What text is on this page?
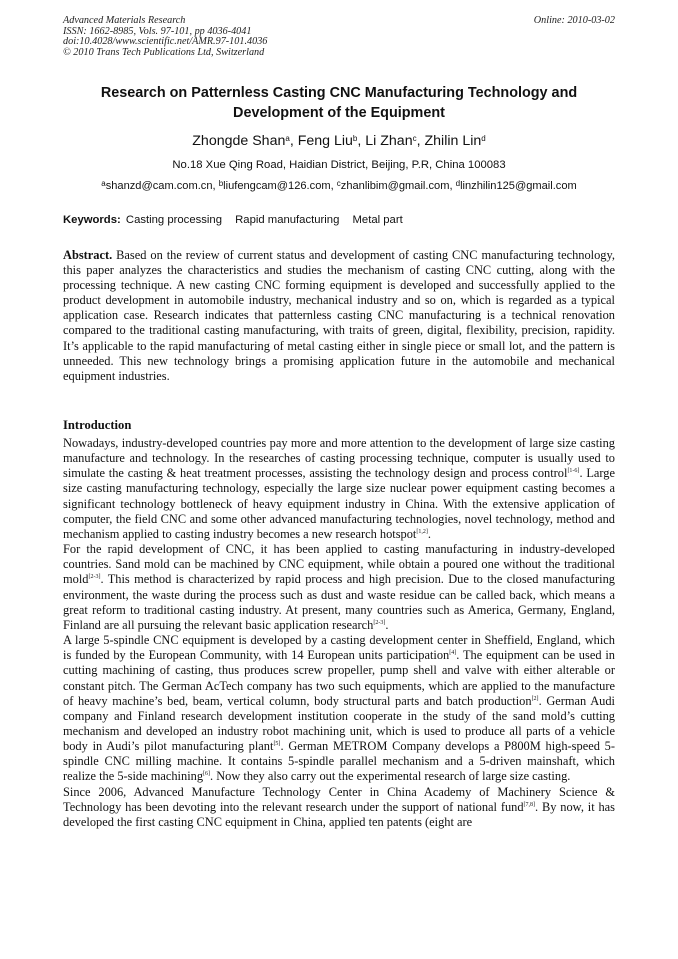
Advanced Materials Research
ISSN: 1662-8985, Vols. 97-101, pp 4036-4041
doi:10.4028/www.scientific.net/AMR.97-101.4036
© 2010 Trans Tech Publications Ltd, Switzerland
Online: 2010-03-02
Research on Patternless Casting CNC Manufacturing Technology and
Development of the Equipment
Zhongde Shan$^a$, Feng Liu$^b$, Li Zhan$^c$, Zhilin Lin$^d$
No.18 Xue Qing Road, Haidian District, Beijing, P.R, China 100083
$^a$shanzd@cam.com.cn, $^b$liufengcam@126.com, $^c$zhanlibim@gmail.com, $^d$linzhilin125@gmail.com
Keywords: Casting processing Rapid manufacturing Metal part
Abstract. Based on the review of current status and development of casting CNC manufacturing technology, this paper analyzes the characteristics and studies the mechanism of casting CNC cutting, along with the processing technique. A new casting CNC forming equipment is developed and successfully applied to the product development in automobile industry, mechanical industry and so on, which is regarded as a typical application case. Research indicates that patternless casting CNC manufacturing is a technical renovation compared to the traditional casting manufacturing, with traits of green, digital, flexibility, precision, rapidity. It’s applicable to the rapid manufacturing of metal casting either in single piece or small lot, and the pattern is unneeded. This new technology brings a promising application future in the automobile and mechanical equipment industries.
Introduction

Nowadays, industry-developed countries pay more and more attention to the development of large size casting manufacture and technology. In the researches of casting processing technique, computer is usually used to simulate the casting & heat treatment processes, assisting the technology design and process control[1-6]. Large size casting manufacturing technology, especially the large size nuclear power equipment casting becomes a significant technology bottleneck of heavy equipment industry in China. With the extensive application of computer, the field CNC and some other advanced manufacturing technologies, novel technology, method and mechanism applied to casting industry becomes a new research hotspot[1,2].

For the rapid development of CNC, it has been applied to casting manufacturing in industry-developed countries. Sand mold can be machined by CNC equipment, while obtain a poured one without the traditional mold[2-3]. This method is characterized by rapid process and high precision. Due to the closed manufacturing environment, the waste during the process such as dust and waste residue can be called back, which means a great reform to traditional casting industry. At present, many countries such as America, Germany, England, Finland are all pursuing the relevant basic application research[2-3].

A large 5-spindle CNC equipment is developed by a casting development center in Sheffield, England, which is funded by the European Community, with 14 European units participation[4]. The equipment can be used in cutting machining of casting, thus produces screw propeller, pump shell and valve with either alterable or constant pitch. The German AcTech company has two such equipments, which are applied to the manufacture of heavy machine’s bed, beam, vertical column, body structural parts and batch production[2]. German Audi company and Finland research development institution cooperate in the study of the sand mold’s cutting mechanism and developed an industry robot machining unit, which is used to produce all parts of a vehicle body in Audi’s pilot manufacturing plant[5]. German METROM Company develops a P800M high-speed 5- spindle CNC milling machine. It contains 5-spindle parallel mechanism and a 5-driven mainshaft, which realize the 5-side machining[6]. Now they also carry out the experimental research of large size casting.

Since 2006, Advanced Manufacture Technology Center in China Academy of Machinery Science & Technology has been devoting into the relevant research under the support of national fund[7,8]. By now, it has developed the first casting CNC equipment in China, applied ten patents (eight are
